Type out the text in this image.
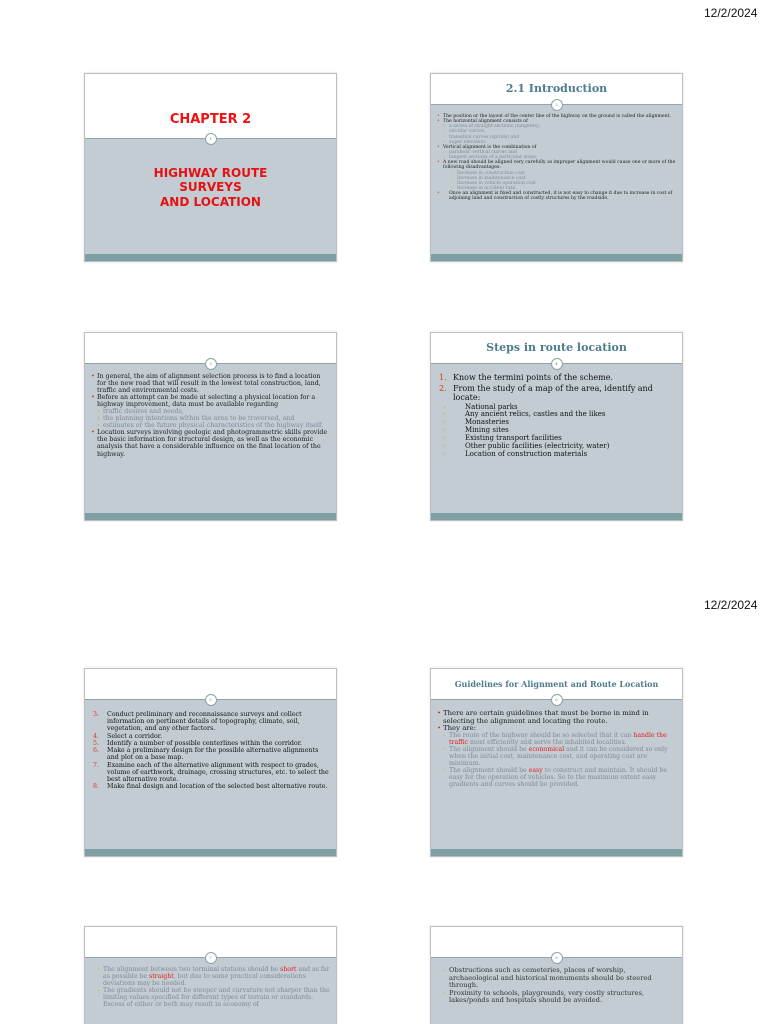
12/2/2024
CHAPTER 2
1
HIGHWAY ROUTE
SURVEYS
AND LOCATION
2.1 Introduction
2
• The position or the layout of the center line of the highway on the ground is called the alignment.
• The horizontal alignment consists of
› a series of straight sections (tangents),
› circular curves,
› transition curves (spirals) and
› super elevation.
• Vertical alignment is the combination of
› parabolic vertical curves and
› tangent sections of a particular slope.
• A new road should be aligned very carefully as improper alignment would cause one or more of the following disadvantages:
› Increase in construction cost
› Increase in maintenance cost
› Increase in vehicle operation cost
› Increase in accident rate.
• Once an alignment is fixed and constructed, it is not easy to change it due to increase in cost of adjoining land and construction of costly structures by the roadside.
3
• In general, the aim of alignment selection process is to find a location for the new road that will result in the lowest total construction, land, traffic and environmental costs.
• Before an attempt can be made at selecting a physical location for a highway improvement, data must be available regarding
› traffic desires and needs,
› the planning intentions within the area to be traversed, and
› estimates or the future physical characteristics of the highway itself.
• Location surveys involving geologic and photogrammetric skills provide the basic information for structural design, as well as the economic analysis that have a considerable influence on the final location of the highway.
Steps in route location
4
1. Know the termini points of the scheme.
2. From the study of a map of the area, identify and locate:
› National parks
› Any ancient relics, castles and the likes
› Monasteries
› Mining sites
› Existing transport facilities
› Other public facilities (electricity, water)
› Location of construction materials
12/2/2024
5
3. Conduct preliminary and reconnaissance surveys and collect information on pertinent details of topography, climate, soil, vegetation, and any other factors.
4. Select a corridor.
5. Identify a number of possible centerlines within the corridor.
6. Make a preliminary design for the possible alternative alignments and plot on a base map.
7. Examine each of the alternative alignment with respect to grades, volume of earthwork, drainage, crossing structures, etc. to select the best alternative route.
8. Make final design and location of the selected best alternative route.
Guidelines for Alignment and Route Location
6
• There are certain guidelines that must be borne in mind in selecting the alignment and locating the route.
• They are:
› The route of the highway should be so selected that it can handle the traffic most efficiently and serve the inhabited localities.
› The alignment should be economical and it can be considered so only when the initial cost, maintenance cost, and operating cost are minimum.
› The alignment should be easy to construct and maintain. It should be easy for the operation of vehicles. So to the maximum extent easy gradients and curves should be provided.
7
› The alignment between two terminal stations should be short and as far as possible be straight, but due to some practical considerations deviations may be needed.
› The gradients should not be steeper and curvature not sharper than the limiting values specified for different types of terrain or standards. Excess of either or both may result in economy of
8
› Obstructions such as cemeteries, places of worship, archaeological and historical monuments should be steered through.
› Proximity to schools, playgrounds, very costly structures, lakes/ponds and hospitals should be avoided.
